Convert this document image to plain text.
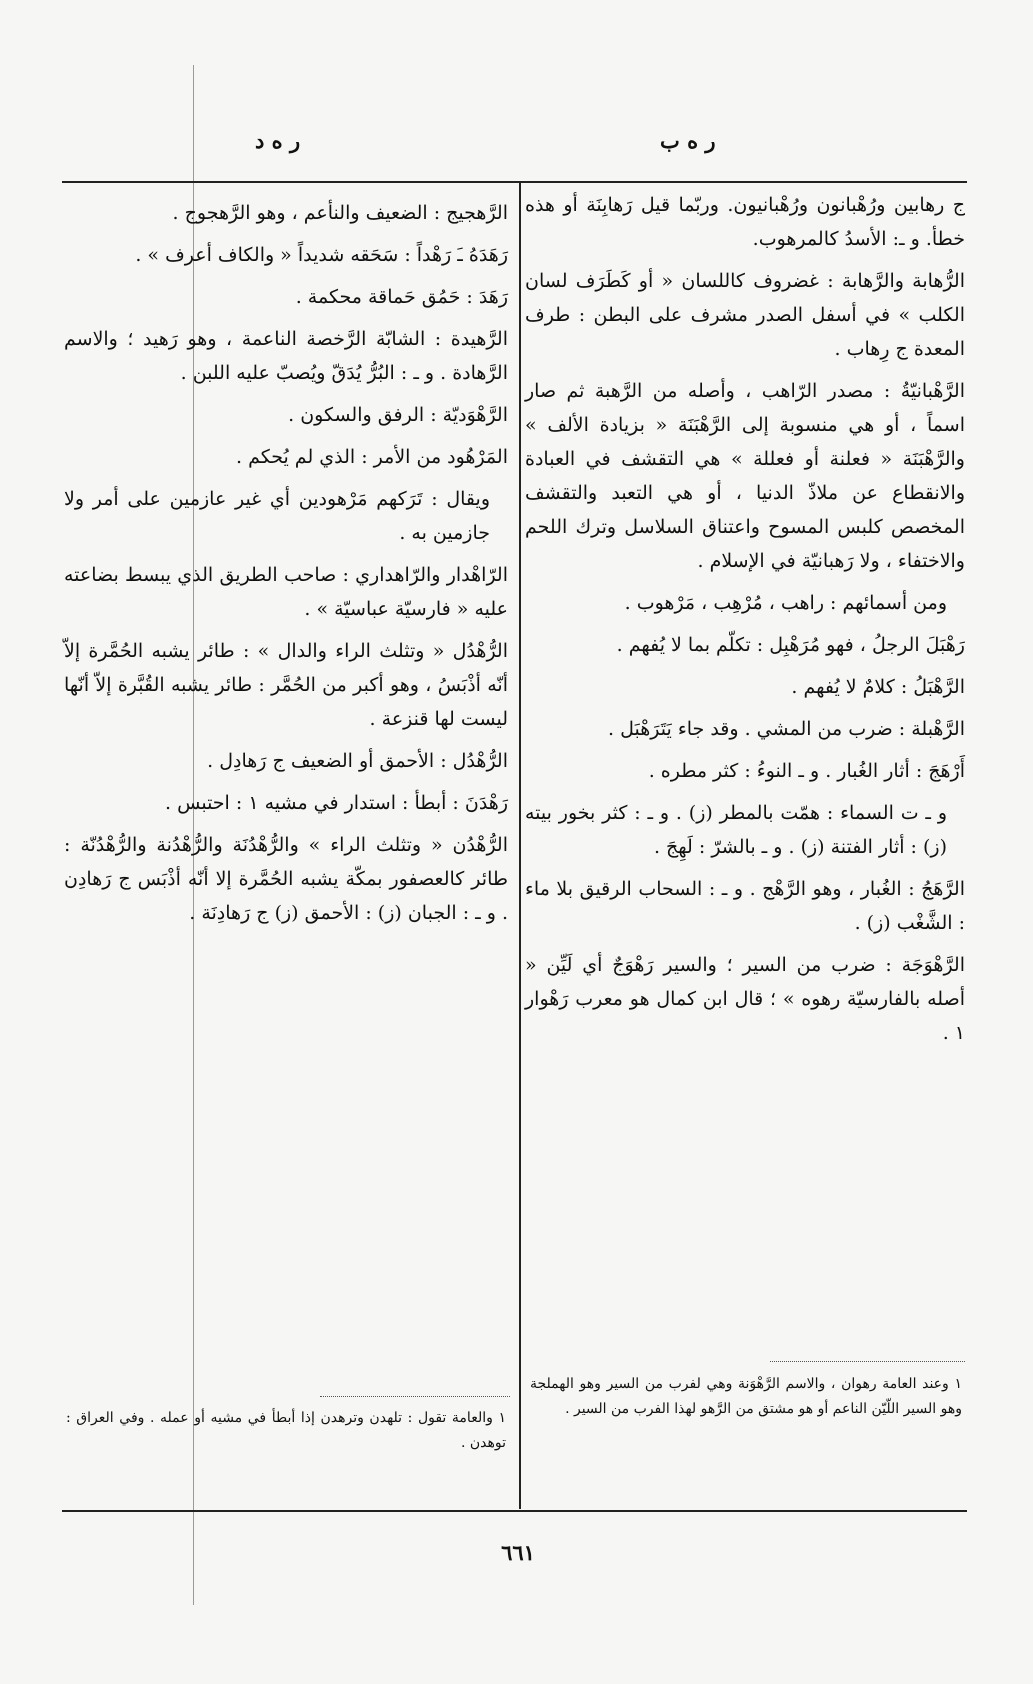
ر ه ب
ر ه د

ج رهابين ورُهْبانون ورُهْبانيون. وربّما قيل رَهابِنَة أو هذه خطأ. و ـ: الأسدُ كالمرهوب.

الرُّهابة والرَّهابة : غضروف كاللسان « أو كَطَرَف لسان الكلب » في أسفل الصدر مشرف على البطن : طرف المعدة ج رِهاب .

الرَّهْبانيّةُ : مصدر الرّاهب ، وأصله من الرَّهبة ثم صار اسماً ، أو هي منسوبة إلى الرَّهْبَنَة « بزيادة الألف » والرَّهْبَنَة « فعلنة أو فعللة » هي التقشف في العبادة والانقطاع عن ملاذّ الدنيا ، أو هي التعبد والتقشف المخصص كلبس المسوح واعتناق السلاسل وترك اللحم والاختفاء ، ولا رَهبانيّة في الإسلام .

ومن أسمائهم : راهب ، مُرْهِب ، مَرْهوب .

رَهْبَلَ الرجلُ ، فهو مُرَهْبِل : تكلّم بما لا يُفهم .

الرَّهْبَلُ : كلامٌ لا يُفهم .

الرَّهْبلة : ضرب من المشي . وقد جاء يَتَرَهْبَل .

أَرْهَجَ : أثار الغُبار . و ـ النوءُ : كثر مطره .

و ـ ت السماء : همّت بالمطر (ز) . و ـ : كثر بخور بيته (ز) : أثار الفتنة (ز) . و ـ بالشرّ : لَهِجَ .

الرَّهَجُ : الغُبار ، وهو الرَّهْج . و ـ : السحاب الرقيق بلا ماء : الشَّغْب (ز) .

الرَّهْوَجَة : ضرب من السير ؛ والسير رَهْوَجٌ أي لَيِّن « أصله بالفارسيّة رهوه » ؛ قال ابن كمال هو معرب رَهْوار ١ .

الرَّهجيج : الضعيف والنأعم ، وهو الرَّهجوج .

رَهَدَهُ ـَ رَهْداً : سَحَقه شديداً « والكاف أعرف » .

رَهَدَ : حَمُق حَماقة محكمة .

الرَّهيدة : الشابّة الرَّخصة الناعمة ، وهو رَهيد ؛ والاسم الرَّهادة . و ـ : البُرُّ يُدَقّ ويُصبّ عليه اللبن .

الرَّهْوَديّة : الرفق والسكون .

المَرْهُود من الأمر : الذي لم يُحكم .

ويقال : تَرَكهم مَرْهودين أي غير عازمين على أمر ولا جازمين به .

الرّاهْدار والرّاهداري : صاحب الطريق الذي يبسط بضاعته عليه « فارسيّة عباسيّة » .

الرُّهْدُل « وتثلث الراء والدال » : طائر يشبه الحُمَّرة إلاّ أنّه أذْبَسُ ، وهو أكبر من الحُمَّر : طائر يشبه القُبَّرة إلاّ أنّها ليست لها قنزعة .

الرُّهْدُل : الأحمق أو الضعيف ج رَهادِل .

رَهْدَنَ : أبطأ : استدار في مشيه ١ : احتبس .

الرُّهْدُن « وتثلث الراء » والرُّهْدُنَة والرُّهْدُنة والرُّهْدُنّة : طائر كالعصفور بمكّة يشبه الحُمَّرة إلا أنّه أذْبَس ج رَهادِن . و ـ : الجبان (ز) : الأحمق (ز) ج رَهادِنَة .

١ وعند العامة رهوان ، والاسم الرَّهْوَنة وهي لفرب من السير وهو الهملجة وهو السير اللّيّن الناعم أو هو مشتق من الرَّهو لهذا الفرب من السير .
١ والعامة تقول : تلهدن وترهدن إذا أبطأ في مشيه أو عمله . وفي العراق : توهدن .
٦٦١
